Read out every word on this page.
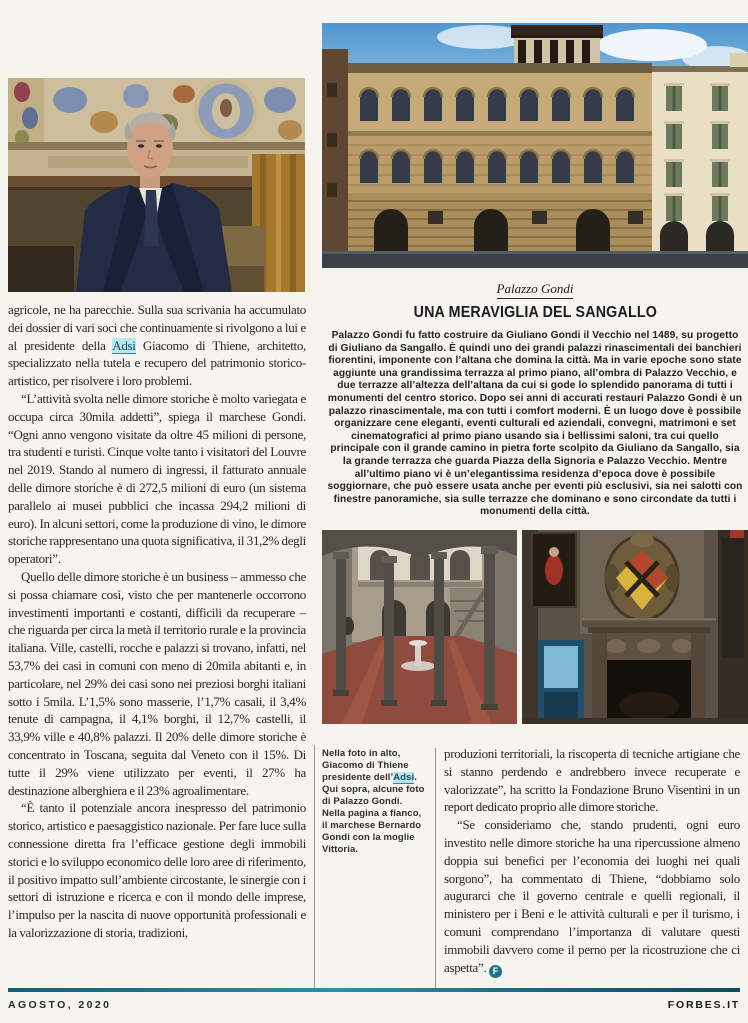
agricole, ne ha parecchie. Sulla sua scrivania ha accumulato dei dossier di vari soci che continuamente si rivolgono a lui e al presidente della Adsi Giacomo di Thiene, architetto, specializzato nella tutela e recupero del patrimonio storico-artistico, per risolvere i loro problemi.

“L’attività svolta nelle dimore storiche è molto variegata e occupa circa 30mila addetti”, spiega il marchese Gondi. “Ogni anno vengono visitate da oltre 45 milioni di persone, tra studenti e turisti. Cinque volte tanto i visitatori del Louvre nel 2019. Stando al numero di ingressi, il fatturato annuale delle dimore storiche è di 272,5 milioni di euro (un sistema parallelo ai musei pubblici che incassa 294,2 milioni di euro). In alcuni settori, come la produzione di vino, le dimore storiche rappresentano una quota significativa, il 31,2% degli operatori”.

Quello delle dimore storiche è un business – ammesso che si possa chiamare così, visto che per mantenerle occorrono investimenti importanti e costanti, difficili da recuperare – che riguarda per circa la metà il territorio rurale e la provincia italiana. Ville, castelli, rocche e palazzi si trovano, infatti, nel 53,7% dei casi in comuni con meno di 20mila abitanti e, in particolare, nel 29% dei casi sono nei preziosi borghi italiani sotto i 5mila. L’1,5% sono masserie, l’1,7% casali, il 3,4% tenute di campagna, il 4,1% borghi, il 12,7% castelli, il 33,9% ville e 40,8% palazzi. Il 20% delle dimore storiche è concentrato in Toscana, seguita dal Veneto con il 15%. Di tutte il 29% viene utilizzato per eventi, il 27% ha destinazione alberghiera e il 23% agroalimentare.

“È tanto il potenziale ancora inespresso del patrimonio storico, artistico e paesaggistico nazionale. Per fare luce sulla connessione diretta fra l’efficace gestione degli immobili storici e lo sviluppo economico delle loro aree di riferimento, il positivo impatto sull’ambiente circostante, le sinergie con i settori di istruzione e ricerca e con il mondo delle imprese, l’impulso per la nascita di nuove opportunità professionali e la valorizzazione di storia, tradizioni,

Palazzo Gondi
UNA MERAVIGLIA DEL SANGALLO
Palazzo Gondi fu fatto costruire da Giuliano Gondi il Vecchio nel 1489, su progetto di Giuliano da Sangallo. È quindi uno dei grandi palazzi rinascimentali dei banchieri fiorentini, imponente con l’altana che domina la città. Ma in varie epoche sono state aggiunte una grandissima terrazza al primo piano, all’ombra di Palazzo Vecchio, e due terrazze all’altezza dell’altana da cui si gode lo splendido panorama di tutti i monumenti del centro storico. Dopo sei anni di accurati restauri Palazzo Gondi è un palazzo rinascimentale, ma con tutti i comfort moderni. È un luogo dove è possibile organizzare cene eleganti, eventi culturali ed aziendali, convegni, matrimoni e set cinematografici al primo piano usando sia i bellissimi saloni, tra cui quello principale con il grande camino in pietra forte scolpito da Giuliano da Sangallo, sia la grande terrazza che guarda Piazza della Signoria e Palazzo Vecchio. Mentre all’ultimo piano vi è un’elegantissima residenza d’epoca dove è possibile soggiornare, che può essere usata anche per eventi più esclusivi, sia nei salotti con finestre panoramiche, sia sulle terrazze che dominano e sono circondate da tutti i monumenti della città.
Nella foto in alto, Giacomo di Thiene presidente dell’Adsi. Qui sopra, alcune foto di Palazzo Gondi. Nella pagina a fianco, il marchese Bernardo Gondi con la moglie Vittoria.

produzioni territoriali, la riscoperta di tecniche artigiane che si stanno perdendo e andrebbero invece recuperate e valorizzate”, ha scritto la Fondazione Bruno Visentini in un report dedicato proprio alle dimore storiche.

“Se consideriamo che, stando prudenti, ogni euro investito nelle dimore storiche ha una ripercussione almeno doppia sui benefici per l’economia dei luoghi nei quali sorgono”, ha commentato di Thiene, “dobbiamo solo augurarci che il governo centrale e quelli regionali, il ministero per i Beni e le attività culturali e per il turismo, i comuni comprendano l’importanza di valutare questi immobili davvero come il perno per la ricostruzione che ci aspetta”. F

AGOSTO, 2020	FORBES.IT
